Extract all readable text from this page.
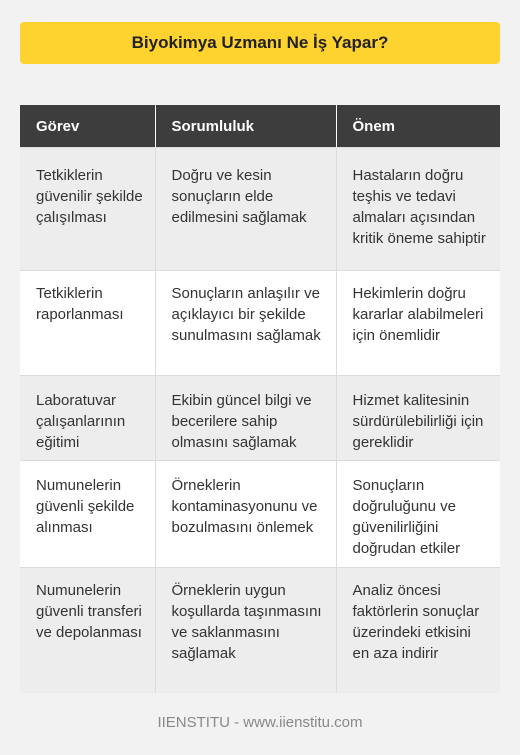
Biyokimya Uzmanı Ne İş Yapar?
Görev	Sorumluluk	Önem
Tetkiklerin güvenilir şekilde çalışılması	Doğru ve kesin sonuçların elde edilmesini sağlamak	Hastaların doğru teşhis ve tedavi almaları açısından kritik öneme sahiptir
Tetkiklerin raporlanması	Sonuçların anlaşılır ve açıklayıcı bir şekilde sunulmasını sağlamak	Hekimlerin doğru kararlar alabilmeleri için önemlidir
Laboratuvar çalışanlarının eğitimi	Ekibin güncel bilgi ve becerilere sahip olmasını sağlamak	Hizmet kalitesinin sürdürülebilirliği için gereklidir
Numunelerin güvenli şekilde alınması	Örneklerin kontaminasyonunu ve bozulmasını önlemek	Sonuçların doğruluğunu ve güvenilirliğini doğrudan etkiler
Numunelerin güvenli transferi ve depolanması	Örneklerin uygun koşullarda taşınmasını ve saklanmasını sağlamak	Analiz öncesi faktörlerin sonuçlar üzerindeki etkisini en aza indirir
IIENSTITU - www.iienstitu.com
